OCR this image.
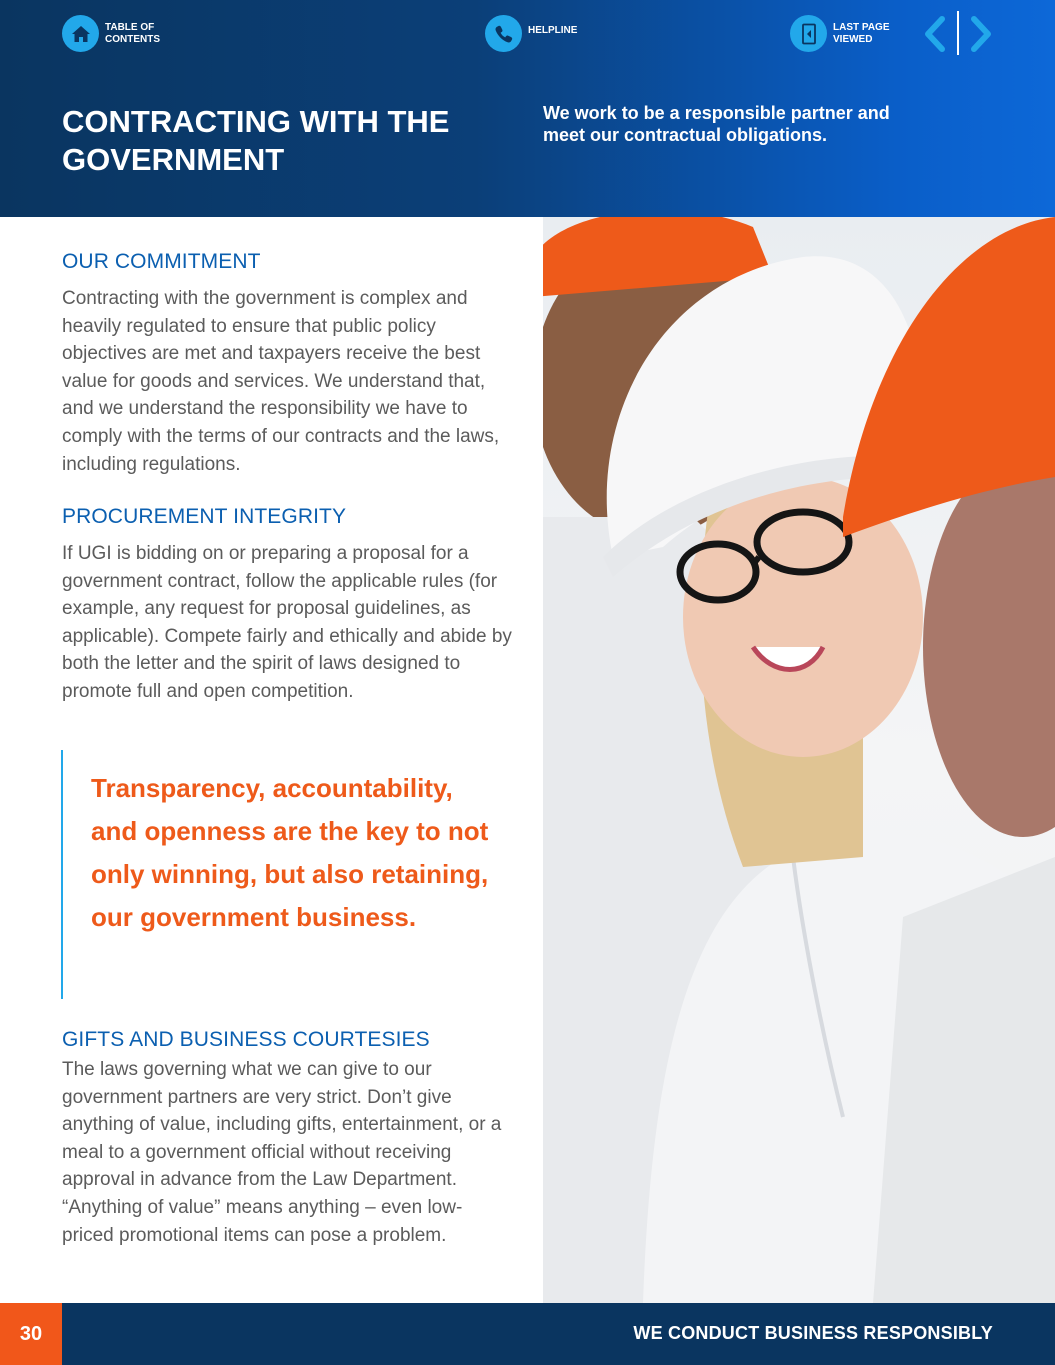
TABLE OF CONTENTS
HELPLINE	LAST PAGE VIEWED
CONTRACTING WITH THE GOVERNMENT

We work to be a responsible partner and meet our contractual obligations.

OUR COMMITMENT

Contracting with the government is complex and heavily regulated to ensure that public policy objectives are met and taxpayers receive the best value for goods and services. We understand that, and we understand the responsibility we have to comply with the terms of our contracts and the laws, including regulations.

PROCUREMENT INTEGRITY

If UGI is bidding on or preparing a proposal for a government contract, follow the applicable rules (for example, any request for proposal guidelines, as applicable). Compete fairly and ethically and abide by both the letter and the spirit of laws designed to promote full and open competition.

Transparency, accountability, and openness are the key to not only winning, but also retaining, our government business.

GIFTS AND BUSINESS COURTESIES

The laws governing what we can give to our government partners are very strict. Don’t give anything of value, including gifts, entertainment, or a meal to a government official without receiving approval in advance from the Law Department. “Anything of value” means anything – even low-priced promotional items can pose a problem.

30	WE CONDUCT BUSINESS RESPONSIBLY
